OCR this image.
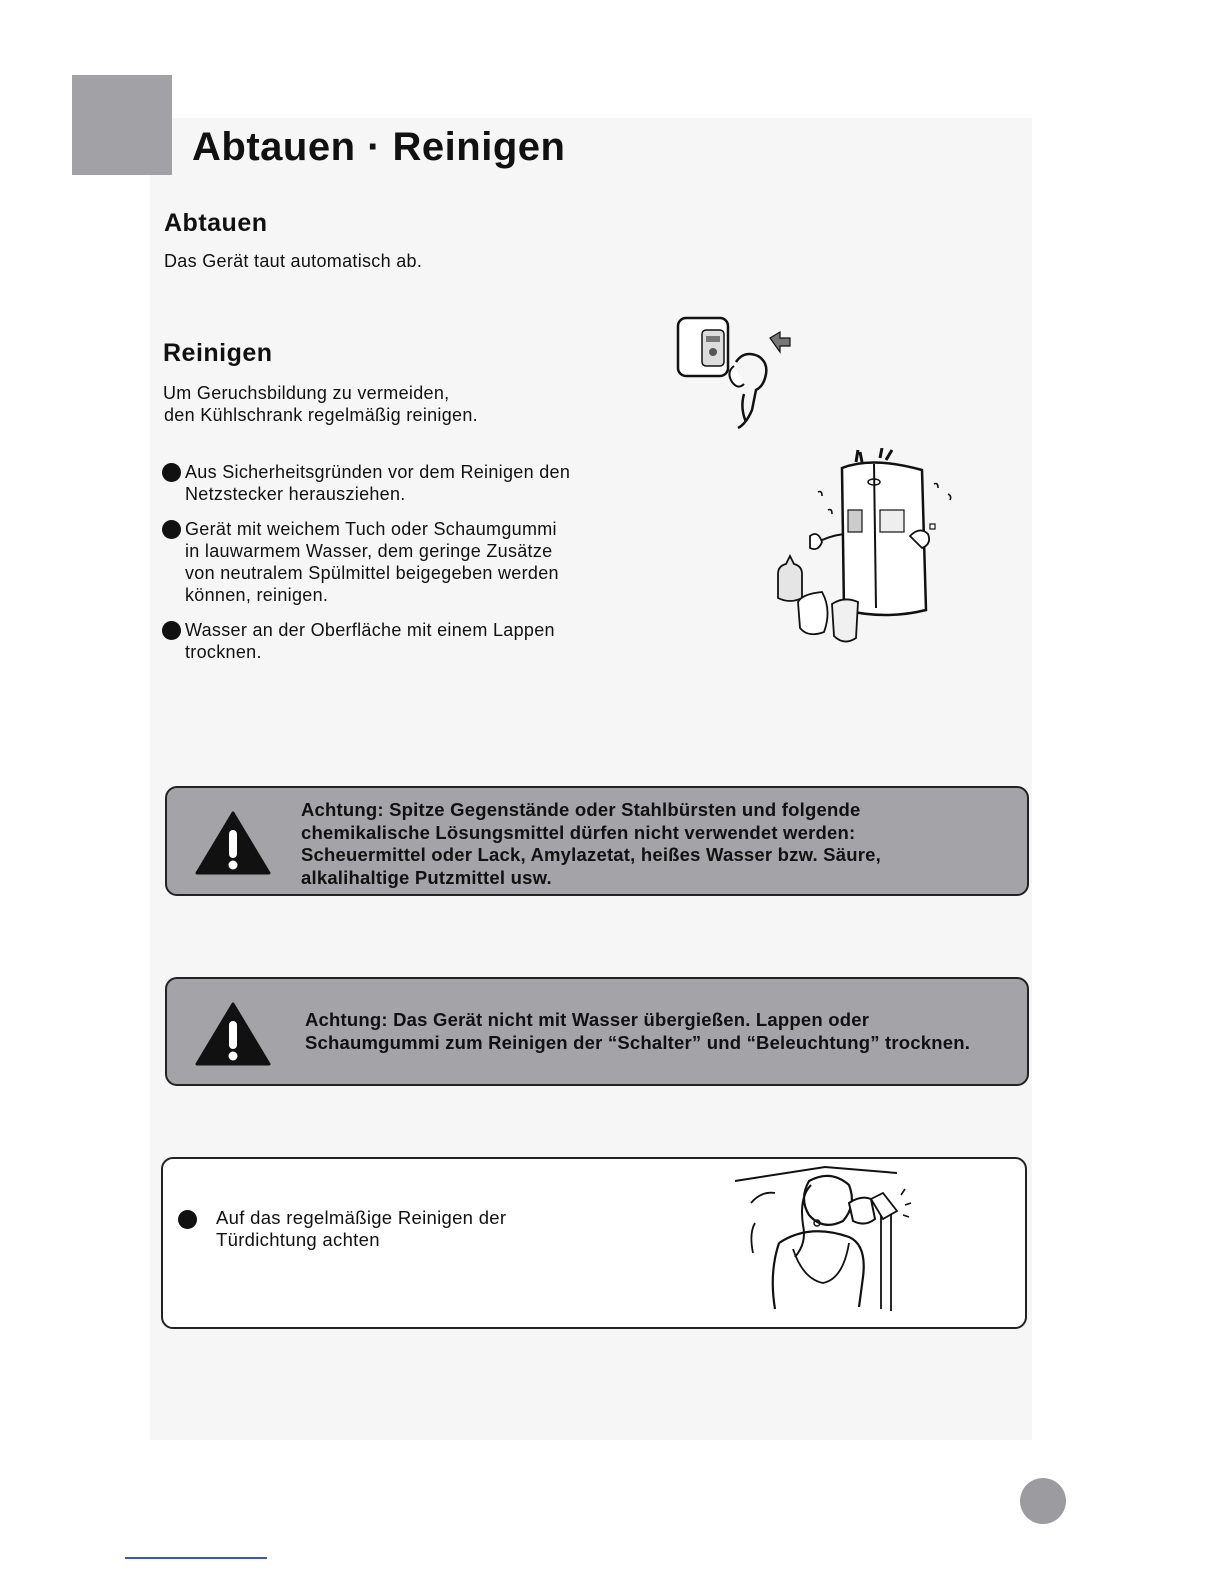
Abtauen · Reinigen
Abtauen

Das Gerät taut automatisch ab.

Reinigen
Um Geruchsbildung zu vermeiden,
den Kühlschrank regelmäßig reinigen.
Aus Sicherheitsgründen vor dem Reinigen den
Netzstecker herausziehen.
Gerät mit weichem Tuch oder Schaumgummi
in lauwarmem Wasser, dem geringe Zusätze
von neutralem Spülmittel beigegeben werden
können, reinigen.
Wasser an der Oberfläche mit einem Lappen
trocknen.
Achtung: Spitze Gegenstände oder Stahlbürsten und folgende
chemikalische Lösungsmittel dürfen nicht verwendet werden:
Scheuermittel oder Lack, Amylazetat, heißes Wasser bzw. Säure,
alkalihaltige Putzmittel usw.
Achtung: Das Gerät nicht mit Wasser übergießen. Lappen oder
Schaumgummi zum Reinigen der “Schalter” und “Beleuchtung” trocknen.
Auf das regelmäßige Reinigen der
Türdichtung achten
